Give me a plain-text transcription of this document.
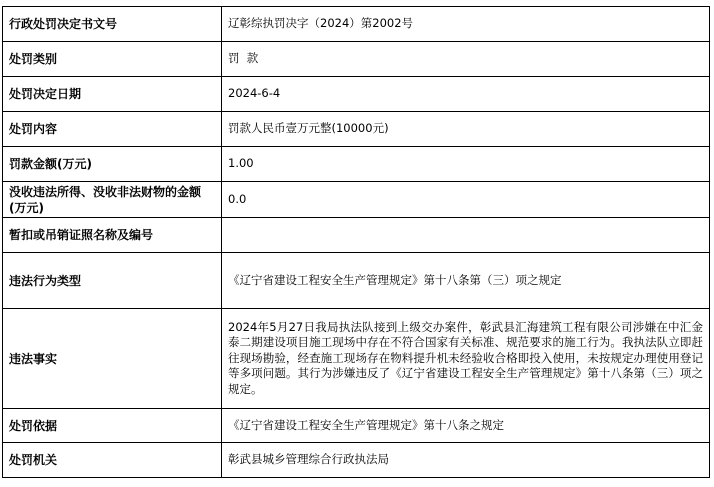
行政处罚决定书文号	辽彰综执罚决字（2024）第2002号
处罚类别	罚  款
处罚决定日期	2024-6-4
处罚内容	罚款人民币壹万元整(10000元)
罚款金额(万元)	1.00
没收违法所得、没收非法财物的金额(万元)	0.0
暂扣或吊销证照名称及编号	
违法行为类型	《辽宁省建设工程安全生产管理规定》第十八条第（三）项之规定
违法事实	2024年5月27日我局执法队接到上级交办案件，彰武县汇海建筑工程有限公司涉嫌在中汇金泰二期建设项目施工现场中存在不符合国家有关标准、规范要求的施工行为。我执法队立即赶往现场勘验，经查施工现场存在物料提升机未经验收合格即投入使用，未按规定办理使用登记等多项问题。其行为涉嫌违反了《辽宁省建设工程安全生产管理规定》第十八条第（三）项之规定。
处罚依据	《辽宁省建设工程安全生产管理规定》第十八条之规定
处罚机关	彰武县城乡管理综合行政执法局
